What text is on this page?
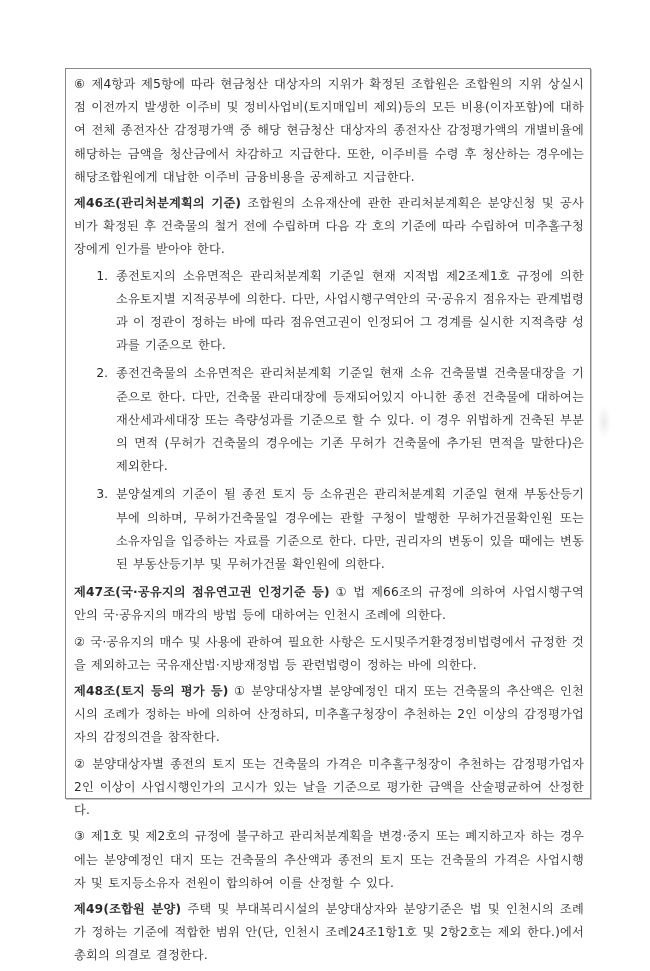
⑥ 제4항과 제5항에 따라 현금청산 대상자의 지위가 확정된 조합원은 조합원의 지위 상실시점 이전까지 발생한 이주비 및 정비사업비(토지매입비 제외)등의 모든 비용(이자포함)에 대하여 전체 종전자산 감정평가액 중 해당 현금청산 대상자의 종전자산 감정평가액의 개별비율에 해당하는 금액을 청산금에서 차감하고 지급한다. 또한, 이주비를 수령 후 청산하는 경우에는 해당조합원에게 대납한 이주비 금융비용을 공제하고 지급한다.

제46조(관리처분계획의 기준) 조합원의 소유재산에 관한 관리처분계획은 분양신청 및 공사비가 확정된 후 건축물의 철거 전에 수립하며 다음 각 호의 기준에 따라 수립하여 미추홀구청장에게 인가를 받아야 한다.

1. 종전토지의 소유면적은 관리처분계획 기준일 현재 지적법 제2조제1호 규정에 의한 소유토지별 지적공부에 의한다. 다만, 사업시행구역안의 국·공유지 점유자는 관계법령과 이 정관이 정하는 바에 따라 점유연고권이 인정되어 그 경계를 실시한 지적측량 성과를 기준으로 한다.
2. 종전건축물의 소유면적은 관리처분계획 기준일 현재 소유 건축물별 건축물대장을 기준으로 한다. 다만, 건축물 관리대장에 등재되어있지 아니한 종전 건축물에 대하여는 재산세과세대장 또는 측량성과를 기준으로 할 수 있다. 이 경우 위법하게 건축된 부분의 면적 (무허가 건축물의 경우에는 기존 무허가 건축물에 추가된 면적을 말한다)은 제외한다.
3. 분양설계의 기준이 될 종전 토지 등 소유권은 관리처분계획 기준일 현재 부동산등기부에 의하며, 무허가건축물일 경우에는 관할 구청이 발행한 무허가건물확인원 또는 소유자임을 입증하는 자료를 기준으로 한다. 다만, 권리자의 변동이 있을 때에는 변동된 부동산등기부 및 무허가건물 확인원에 의한다.

제47조(국·공유지의 점유연고권 인정기준 등) ① 법 제66조의 규정에 의하여 사업시행구역안의 국·공유지의 매각의 방법 등에 대하여는 인천시 조례에 의한다.

② 국·공유지의 매수 및 사용에 관하여 필요한 사항은 도시및주거환경정비법령에서 규정한 것을 제외하고는 국유재산법·지방재정법 등 관련법령이 정하는 바에 의한다.

제48조(토지 등의 평가 등) ① 분양대상자별 분양예정인 대지 또는 건축물의 추산액은 인천시의 조례가 정하는 바에 의하여 산정하되, 미추홀구청장이 추천하는 2인 이상의 감정평가업자의 감정의견을 참작한다.

② 분양대상자별 종전의 토지 또는 건축물의 가격은 미추홀구청장이 추천하는 감정평가업자 2인 이상이 사업시행인가의 고시가 있는 날을 기준으로 평가한 금액을 산술평균하여 산정한다.

③ 제1호 및 제2호의 규정에 불구하고 관리처분계획을 변경·중지 또는 폐지하고자 하는 경우에는 분양예정인 대지 또는 건축물의 추산액과 종전의 토지 또는 건축물의 가격은 사업시행자 및 토지등소유자 전원이 합의하여 이를 산정할 수 있다.

제49(조합원 분양) 주택 및 부대복리시설의 분양대상자와 분양기준은 법 및 인천시의 조례가 정하는 기준에 적합한 범위 안(단, 인천시 조례24조1항1호 및 2항2호는 제외 한다.)에서 총회의 의결로 결정한다.
